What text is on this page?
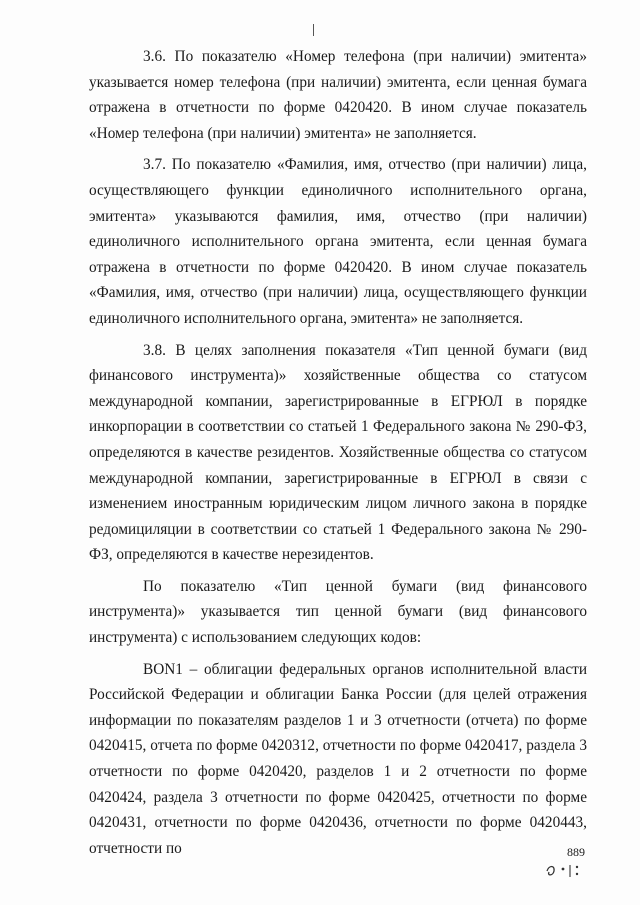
3.6. По показателю «Номер телефона (при наличии) эмитента» указывается номер телефона (при наличии) эмитента, если ценная бумага отражена в отчетности по форме 0420420. В ином случае показатель «Номер телефона (при наличии) эмитента» не заполняется.

3.7. По показателю «Фамилия, имя, отчество (при наличии) лица, осуществляющего функции единоличного исполнительного органа, эмитента» указываются фамилия, имя, отчество (при наличии) единоличного исполнительного органа эмитента, если ценная бумага отражена в отчетности по форме 0420420. В ином случае показатель «Фамилия, имя, отчество (при наличии) лица, осуществляющего функции единоличного исполнительного органа, эмитента» не заполняется.

3.8. В целях заполнения показателя «Тип ценной бумаги (вид финансового инструмента)» хозяйственные общества со статусом международной компании, зарегистрированные в ЕГРЮЛ в порядке инкорпорации в соответствии со статьей 1 Федерального закона № 290-ФЗ, определяются в качестве резидентов. Хозяйственные общества со статусом международной компании, зарегистрированные в ЕГРЮЛ в связи с изменением иностранным юридическим лицом личного закона в порядке редомициляции в соответствии со статьей 1 Федерального закона № 290-ФЗ, определяются в качестве нерезидентов.

По показателю «Тип ценной бумаги (вид финансового инструмента)» указывается тип ценной бумаги (вид финансового инструмента) с использованием следующих кодов:

BON1 – облигации федеральных органов исполнительной власти Российской Федерации и облигации Банка России (для целей отражения информации по показателям разделов 1 и 3 отчетности (отчета) по форме 0420415, отчета по форме 0420312, отчетности по форме 0420417, раздела 3 отчетности по форме 0420420, разделов 1 и 2 отчетности по форме 0420424, раздела 3 отчетности по форме 0420425, отчетности по форме 0420431, отчетности по форме 0420436, отчетности по форме 0420443, отчетности по	889
